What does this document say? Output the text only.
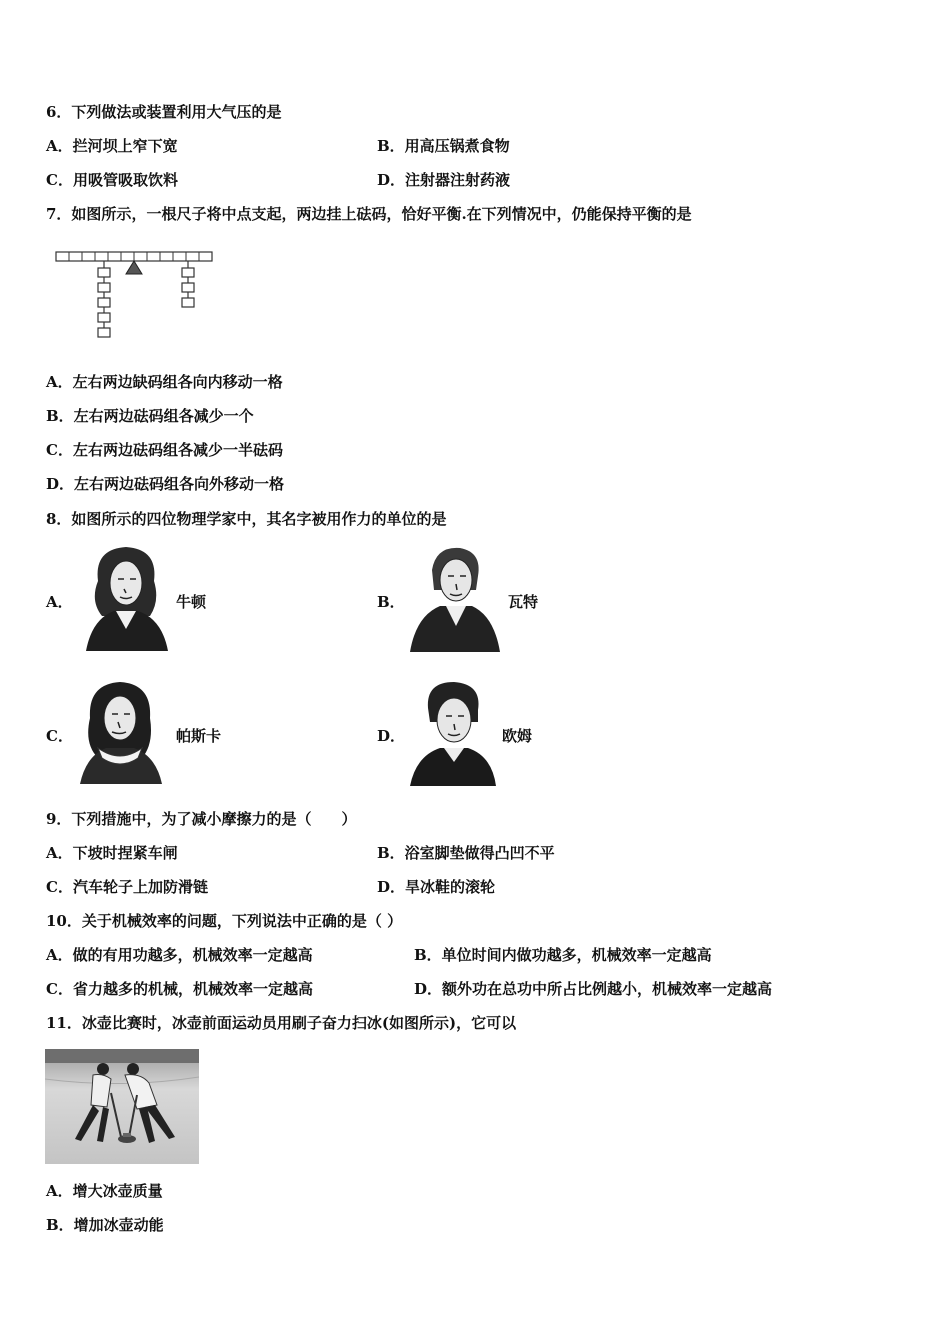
6．下列做法或装置利用大气压的是
A．拦河坝上窄下宽	B．用高压锅煮食物
C．用吸管吸取饮料	D．注射器注射药液
7．如图所示，一根尺子将中点支起，两边挂上砝码，恰好平衡.在下列情况中，仍能保持平衡的是
A．左右两边缺码组各向内移动一格
B．左右两边砝码组各减少一个
C．左右两边砝码组各减少一半砝码
D．左右两边砝码组各向外移动一格
8．如图所示的四位物理学家中，其名字被用作力的单位的是
A．	牛顿	B．	瓦特
C．	帕斯卡	D．	欧姆
9．下列措施中，为了减小摩擦力的是（　　）
A．下坡时捏紧车闸	B．浴室脚垫做得凸凹不平
C．汽车轮子上加防滑链	D．旱冰鞋的滚轮
10．关于机械效率的问题，下列说法中正确的是（ ）
A．做的有用功越多，机械效率一定越高	B．单位时间内做功越多，机械效率一定越高
C．省力越多的机械，机械效率一定越高	D．额外功在总功中所占比例越小，机械效率一定越高
11．冰壶比赛时，冰壶前面运动员用刷子奋力扫冰(如图所示)，它可以
A．增大冰壶质量
B．增加冰壶动能
